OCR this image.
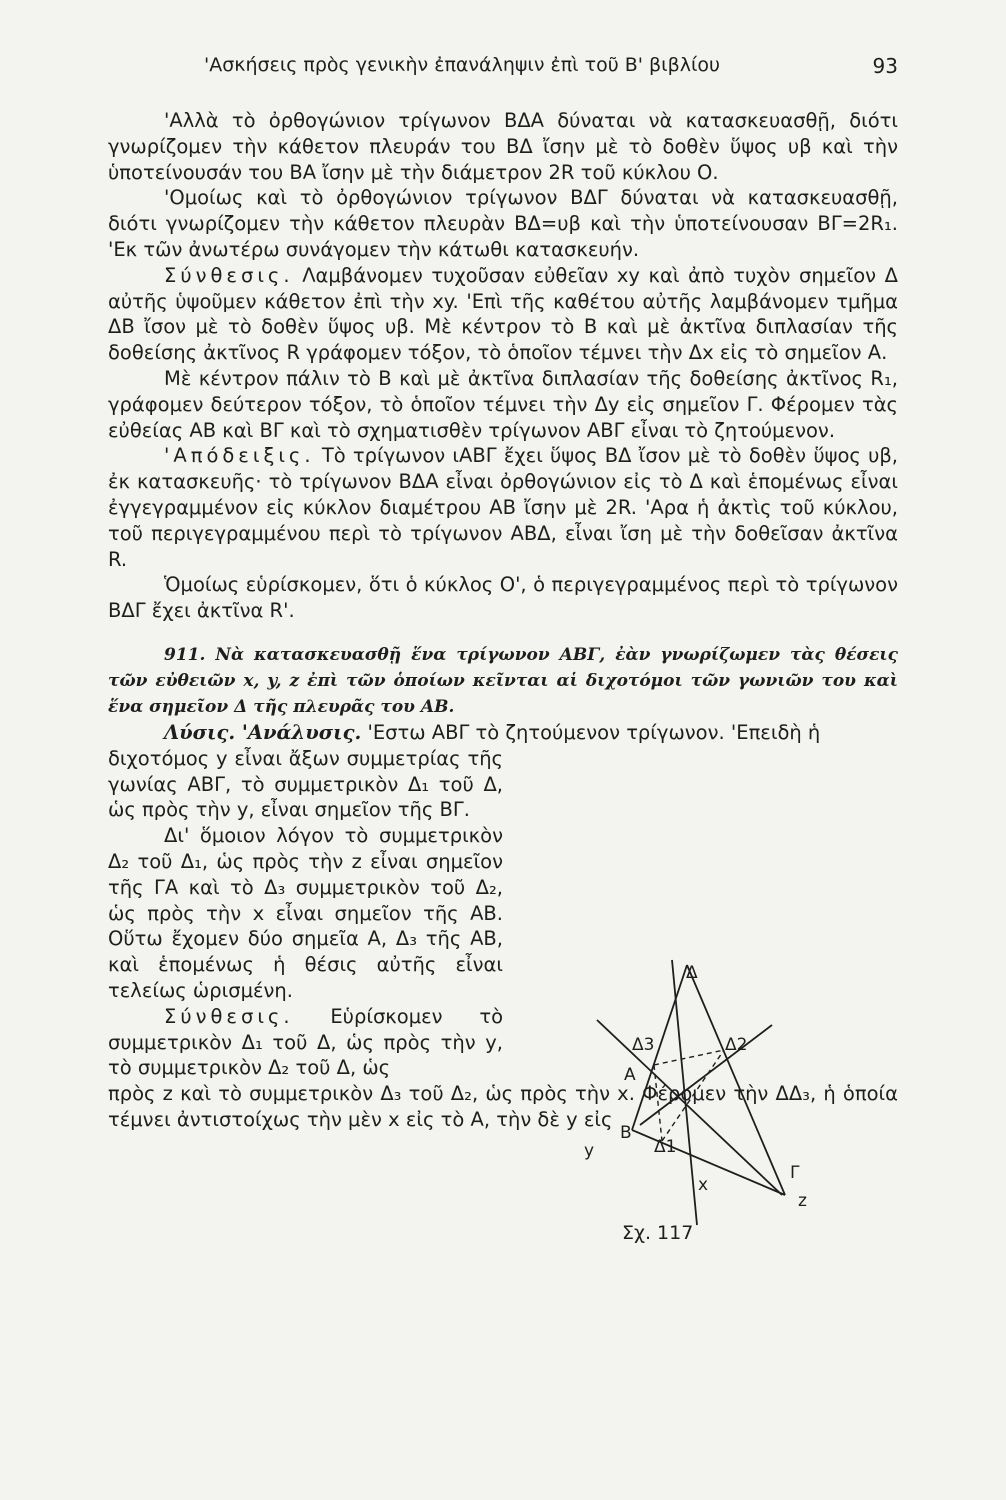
'Ασκήσεις πρὸς γενικὴν ἐπανάληψιν ἐπὶ τοῦ Β' βιβλίου	93

'Αλλὰ τὸ ὀρθογώνιον τρίγωνον ΒΔΑ δύναται νὰ κατασκευασθῇ, διότι γνωρίζομεν τὴν κάθετον πλευράν του ΒΔ ἴσην μὲ τὸ δοθὲν ὕψος υβ καὶ τὴν ὑποτείνουσάν του ΒΑ ἴσην μὲ τὴν διάμετρον 2R τοῦ κύκλου Ο.

'Ομοίως καὶ τὸ ὀρθογώνιον τρίγωνον ΒΔΓ δύναται νὰ κατασκευασθῇ, διότι γνωρίζομεν τὴν κάθετον πλευρὰν ΒΔ=υβ καὶ τὴν ὑποτείνουσαν ΒΓ=2R₁. 'Εκ τῶν ἀνωτέρω συνάγομεν τὴν κάτωθι κατασκευήν.

Σύνθεσις. Λαμβάνομεν τυχοῦσαν εὐθεῖαν xy καὶ ἀπὸ τυχὸν σημεῖον Δ αὐτῆς ὑψοῦμεν κάθετον ἐπὶ τὴν xy. 'Επὶ τῆς καθέτου αὐτῆς λαμβάνομεν τμῆμα ΔΒ ἴσον μὲ τὸ δοθὲν ὕψος υβ. Μὲ κέντρον τὸ Β καὶ μὲ ἀκτῖνα διπλασίαν τῆς δοθείσης ἀκτῖνος R γράφομεν τόξον, τὸ ὁποῖον τέμνει τὴν Δx εἰς τὸ σημεῖον Α.

Μὲ κέντρον πάλιν τὸ Β καὶ μὲ ἀκτῖνα διπλασίαν τῆς δοθείσης ἀκτῖνος R₁, γράφομεν δεύτερον τόξον, τὸ ὁποῖον τέμνει τὴν Δy εἰς σημεῖον Γ. Φέρομεν τὰς εὐθείας ΑΒ καὶ ΒΓ καὶ τὸ σχηματισθὲν τρίγωνον ΑΒΓ εἶναι τὸ ζητούμενον.

'Απόδειξις. Τὸ τρίγωνον ιΑΒΓ ἔχει ὕψος ΒΔ ἴσον μὲ τὸ δοθὲν ὕψος υβ, ἐκ κατασκευῆς· τὸ τρίγωνον ΒΔΑ εἶναι ὀρθογώνιον εἰς τὸ Δ καὶ ἑπομένως εἶναι ἐγγεγραμμένον εἰς κύκλον διαμέτρου ΑΒ ἴσην μὲ 2R. 'Αρα ἡ ἀκτὶς τοῦ κύκλου, τοῦ περιγεγραμμένου περὶ τὸ τρίγωνον ΑΒΔ, εἶναι ἴση μὲ τὴν δοθεῖσαν ἀκτῖνα R.

Ὁμοίως εὑρίσκομεν, ὅτι ὁ κύκλος Ο', ὁ περιγεγραμμένος περὶ τὸ τρίγωνον ΒΔΓ ἔχει ἀκτῖνα R'.

911. Νὰ κατασκευασθῇ ἕνα τρίγωνον ΑΒΓ, ἐὰν γνωρίζωμεν τὰς θέσεις τῶν εὐθειῶν x, y, z ἐπὶ τῶν ὁποίων κεῖνται αἱ διχοτόμοι τῶν γωνιῶν του καὶ ἕνα σημεῖον Δ τῆς πλευρᾶς του ΑΒ.

Λύσις. 'Ανάλυσις. 'Εστω ΑΒΓ τὸ ζητούμενον τρίγωνον. 'Επειδὴ ἡ

διχοτόμος y εἶναι ἄξων συμμετρίας τῆς γωνίας ΑΒΓ, τὸ συμμετρικὸν Δ₁ τοῦ Δ, ὡς πρὸς τὴν y, εἶναι σημεῖον τῆς ΒΓ.

Δι' ὅμοιον λόγον τὸ συμμετρικὸν Δ₂ τοῦ Δ₁, ὡς πρὸς τὴν z εἶναι σημεῖον τῆς ΓΑ καὶ τὸ Δ₃ συμμετρικὸν τοῦ Δ₂, ὡς πρὸς τὴν x εἶναι σημεῖον τῆς ΑΒ. Οὕτω ἔχομεν δύο σημεῖα Α, Δ₃ τῆς ΑΒ, καὶ ἑπομένως ἡ θέσις αὐτῆς εἶναι τελείως ὡρισμένη.

Σύνθεσις. Εὑρίσκομεν τὸ συμμετρικὸν Δ₁ τοῦ Δ, ὡς πρὸς τὴν y, τὸ συμμετρικὸν Δ₂ τοῦ Δ, ὡς

πρὸς z καὶ τὸ συμμετρικὸν Δ₃ τοῦ Δ₂, ὡς πρὸς τὴν x. Φέρομεν τὴν ΔΔ₃, ἡ ὁποία τέμνει ἀντιστοίχως τὴν μὲν x εἰς τὸ Α, τὴν δὲ y εἰς

Δ
Δ3	Δ2
Α
Β
Δ1
y
x
Γ
z
Σχ. 117
